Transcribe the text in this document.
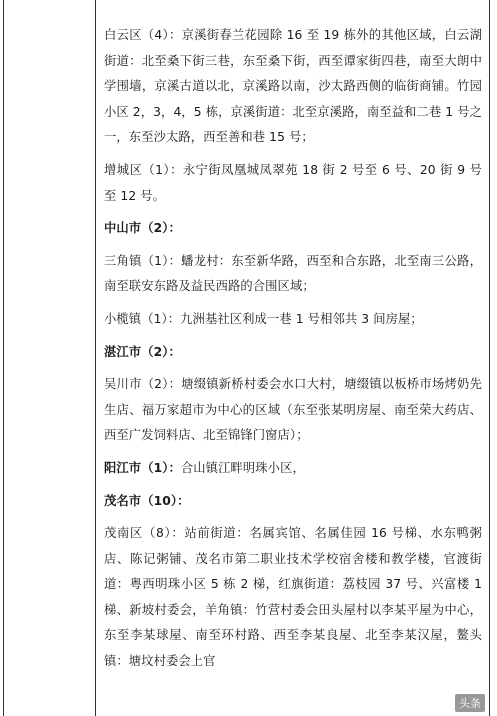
白云区（4）：京溪街春兰花园除 16 至 19 栋外的其他区域，白云湖街道：北至桑下街三巷，东至桑下街，西至谭家街四巷，南至大朗中学围墙，京溪古道以北，京溪路以南，沙太路西侧的临街商铺。竹园小区 2，3，4，5 栋，京溪街道：北至京溪路，南至益和二巷 1 号之一，东至沙太路，西至善和巷 15 号；

增城区（1）：永宁街凤凰城凤翠苑 18 街 2 号至 6 号、20 街 9 号至 12 号。

中山市（2）：

三角镇（1）：蟠龙村：东至新华路，西至和合东路，北至南三公路，南至联安东路及益民西路的合围区域；

小榄镇（1）：九洲基社区利成一巷 1 号相邻共 3 间房屋；

湛江市（2）：

吴川市（2）：塘缀镇新桥村委会水口大村，塘缀镇以板桥市场烤奶先生店、福万家超市为中心的区域（东至张某明房屋、南至荣大药店、西至广发饲料店、北至锦锋门窗店）；

阳江市（1）：合山镇江畔明珠小区，

茂名市（10）：

茂南区（8）：站前街道：名属宾馆、名属佳园 16 号梯、水东鸭粥店、陈记粥铺、茂名市第二职业技术学校宿舍楼和教学楼，官渡街道：粤西明珠小区 5 栋 2 梯，红旗街道：荔枝园 37 号、兴富楼 1 梯、新坡村委会，羊角镇：竹营村委会田头屋村以李某平屋为中心，东至李某球屋、南至环村路、西至李某良屋、北至李某汉屋，鳌头镇：塘坟村委会上官

头条
